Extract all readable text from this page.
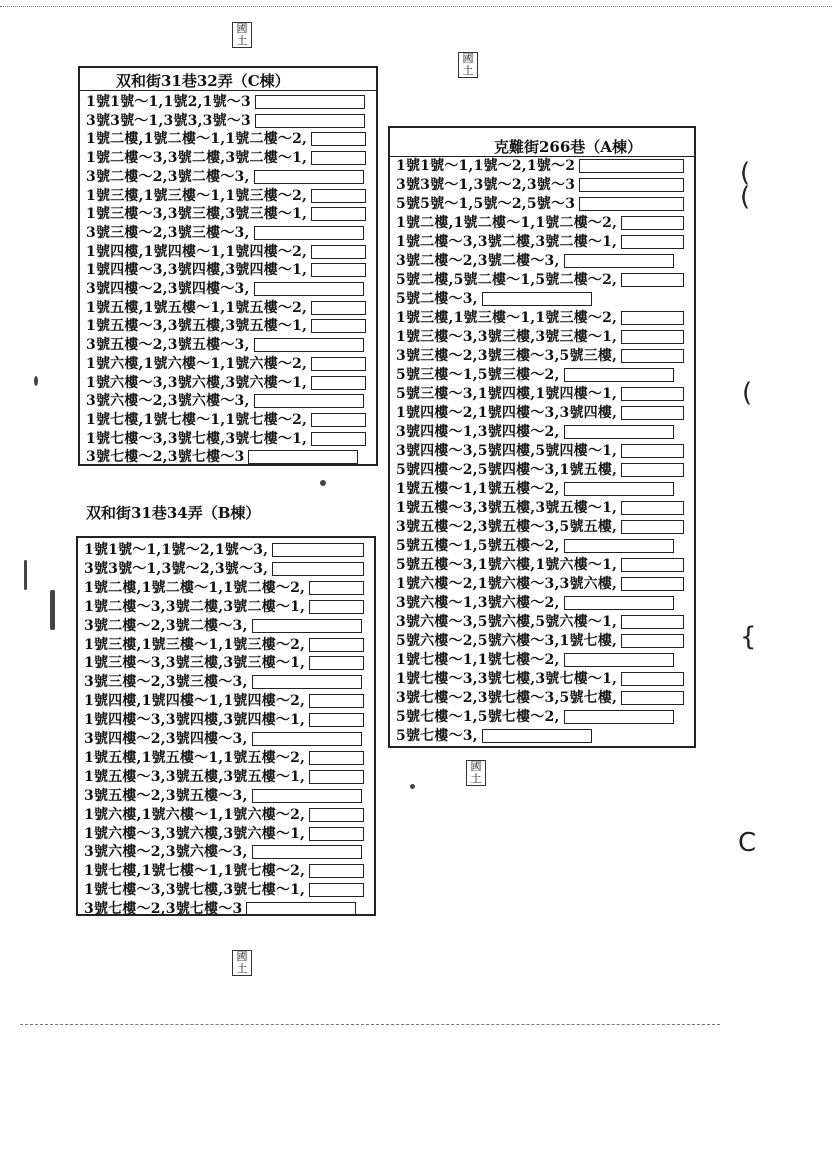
双和街31巷32弄（C棟）
1號1號～1,1號2,1號～3
3號3號～1,3號3,3號～3
1號二樓,1號二樓～1,1號二樓～2,
1號二樓～3,3號二樓,3號二樓～1,
3號二樓～2,3號二樓～3,
1號三樓,1號三樓～1,1號三樓～2,
1號三樓～3,3號三樓,3號三樓～1,
3號三樓～2,3號三樓～3,
1號四樓,1號四樓～1,1號四樓～2,
1號四樓～3,3號四樓,3號四樓～1,
3號四樓～2,3號四樓～3,
1號五樓,1號五樓～1,1號五樓～2,
1號五樓～3,3號五樓,3號五樓～1,
3號五樓～2,3號五樓～3,
1號六樓,1號六樓～1,1號六樓～2,
1號六樓～3,3號六樓,3號六樓～1,
3號六樓～2,3號六樓～3,
1號七樓,1號七樓～1,1號七樓～2,
1號七樓～3,3號七樓,3號七樓～1,
3號七樓～2,3號七樓～3
双和街31巷34弄（B棟）
1號1號～1,1號～2,1號～3,
3號3號～1,3號～2,3號～3,
1號二樓,1號二樓～1,1號二樓～2,
1號二樓～3,3號二樓,3號二樓～1,
3號二樓～2,3號二樓～3,
1號三樓,1號三樓～1,1號三樓～2,
1號三樓～3,3號三樓,3號三樓～1,
3號三樓～2,3號三樓～3,
1號四樓,1號四樓～1,1號四樓～2,
1號四樓～3,3號四樓,3號四樓～1,
3號四樓～2,3號四樓～3,
1號五樓,1號五樓～1,1號五樓～2,
1號五樓～3,3號五樓,3號五樓～1,
3號五樓～2,3號五樓～3,
1號六樓,1號六樓～1,1號六樓～2,
1號六樓～3,3號六樓,3號六樓～1,
3號六樓～2,3號六樓～3,
1號七樓,1號七樓～1,1號七樓～2,
1號七樓～3,3號七樓,3號七樓～1,
3號七樓～2,3號七樓～3
克難街266巷（A棟）
1號1號～1,1號～2,1號～2
3號3號～1,3號～2,3號～3
5號5號～1,5號～2,5號～3
1號二樓,1號二樓～1,1號二樓～2,
1號二樓～3,3號二樓,3號二樓～1,
3號二樓～2,3號二樓～3,
5號二樓,5號二樓～1,5號二樓～2,
5號二樓～3,
1號三樓,1號三樓～1,1號三樓～2,
1號三樓～3,3號三樓,3號三樓～1,
3號三樓～2,3號三樓～3,5號三樓,
5號三樓～1,5號三樓～2,
5號三樓～3,1號四樓,1號四樓～1,
1號四樓～2,1號四樓～3,3號四樓,
3號四樓～1,3號四樓～2,
3號四樓～3,5號四樓,5號四樓～1,
5號四樓～2,5號四樓～3,1號五樓,
1號五樓～1,1號五樓～2,
1號五樓～3,3號五樓,3號五樓～1,
3號五樓～2,3號五樓～3,5號五樓,
5號五樓～1,5號五樓～2,
5號五樓～3,1號六樓,1號六樓～1,
1號六樓～2,1號六樓～3,3號六樓,
3號六樓～1,3號六樓～2,
3號六樓～3,5號六樓,5號六樓～1,
5號六樓～2,5號六樓～3,1號七樓,
1號七樓～1,1號七樓～2,
1號七樓～3,3號七樓,3號七樓～1,
3號七樓～2,3號七樓～3,5號七樓,
5號七樓～1,5號七樓～2,
5號七樓～3,
國土
國土
國土
國土
(
(
(
{
C
